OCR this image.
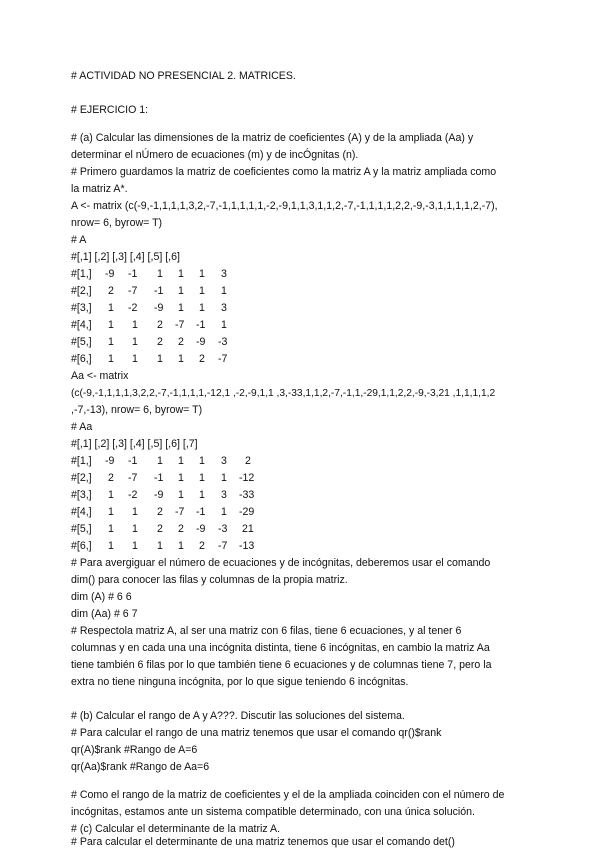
# ACTIVIDAD NO PRESENCIAL 2. MATRICES.
# EJERCICIO 1:
# (a) Calcular las dimensiones de la matriz de coeficientes (A) y de la ampliada (Aa) y
determinar el nÚmero de ecuaciones (m) y de incÓgnitas (n).
# Primero guardamos la matriz de coeficientes como la matriz A y la matriz ampliada como
la matriz A*.
A <- matrix (c(-9,-1,1,1,1,3,2,-7,-1,1,1,1,1,-2,-9,1,1,3,1,1,2,-7,-1,1,1,1,2,2,-9,-3,1,1,1,1,2,-7),
nrow= 6, byrow= T)
# A
#[,1] [,2] [,3] [,4] [,5] [,6]
#[1,] -9 -1 1 1 1 3
#[2,] 2 -7 -1 1 1 1
#[3,] 1 -2 -9 1 1 3
#[4,] 1 1 2 -7 -1 1
#[5,] 1 1 2 2 -9 -3
#[6,] 1 1 1 1 2 -7
Aa <- matrix
(c(-9,-1,1,1,1,3,2,2,-7,-1,1,1,1,-12,1 ,-2,-9,1,1 ,3,-33,1,1,2,-7,-1,1,-29,1,1,2,2,-9,-3,21 ,1,1,1,1,2
,-7,-13), nrow= 6, byrow= T)
# Aa
#[,1] [,2] [,3] [,4] [,5] [,6] [,7]
#[1,] -9 -1 1 1 1 3 2
#[2,] 2 -7 -1 1 1 1 -12
#[3,] 1 -2 -9 1 1 3 -33
#[4,] 1 1 2 -7 -1 1 -29
#[5,] 1 1 2 2 -9 -3 21
#[6,] 1 1 1 1 2 -7 -13
# Para avergiguar el número de ecuaciones y de incógnitas, deberemos usar el comando
dim() para conocer las filas y columnas de la propia matriz.
dim (A) # 6 6
dim (Aa) # 6 7
# Respectola matriz A, al ser una matriz con 6 filas, tiene 6 ecuaciones, y al tener 6
columnas y en cada una una incógnita distinta, tiene 6 incógnitas, en cambio la matriz Aa
tiene también 6 filas por lo que también tiene 6 ecuaciones y de columnas tiene 7, pero la
extra no tiene ninguna incógnita, por lo que sigue teniendo 6 incógnitas.
# (b) Calcular el rango de A y A???. Discutir las soluciones del sistema.
# Para calcular el rango de una matriz tenemos que usar el comando qr()$rank
qr(A)$rank #Rango de A=6
qr(Aa)$rank #Rango de Aa=6
# Como el rango de la matriz de coeficientes y el de la ampliada coinciden con el número de
incógnitas, estamos ante un sistema compatible determinado, con una única solución.
# (c) Calcular el determinante de la matriz A.
# Para calcular el determinante de una matriz tenemos que usar el comando det()
